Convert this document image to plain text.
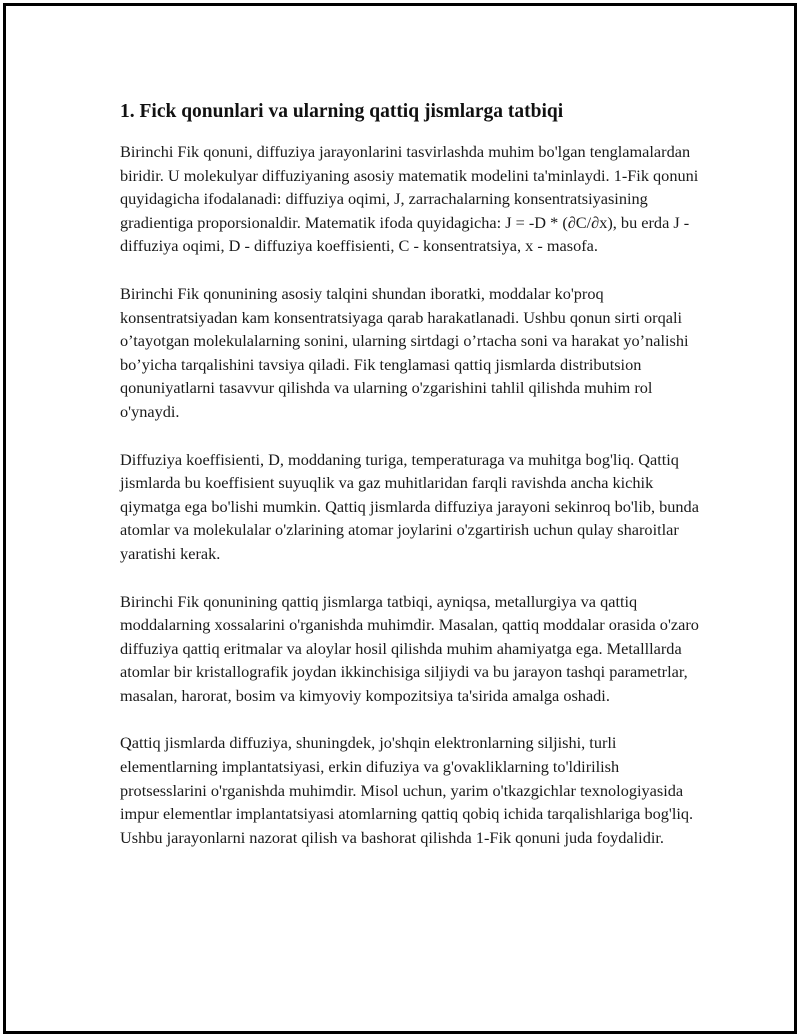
1. Fick qonunlari va ularning qattiq jismlarga tatbiqi

Birinchi Fik qonuni, diffuziya jarayonlarini tasvirlashda muhim bo'lgan tenglamalardan biridir. U molekulyar diffuziyaning asosiy matematik modelini ta'minlaydi. 1-Fik qonuni quyidagicha ifodalanadi: diffuziya oqimi, J, zarrachalarning konsentratsiyasining gradientiga proporsionaldir. Matematik ifoda quyidagicha: J = -D * (∂C/∂x), bu erda J - diffuziya oqimi, D - diffuziya koeffisienti, C - konsentratsiya, x - masofa.

Birinchi Fik qonunining asosiy talqini shundan iboratki, moddalar ko'proq konsentratsiyadan kam konsentratsiyaga qarab harakatlanadi. Ushbu qonun sirti orqali o’tayotgan molekulalarning sonini, ularning sirtdagi o’rtacha soni va harakat yo’nalishi bo’yicha tarqalishini tavsiya qiladi. Fik tenglamasi qattiq jismlarda distributsion qonuniyatlarni tasavvur qilishda va ularning o'zgarishini tahlil qilishda muhim rol o'ynaydi.

Diffuziya koeffisienti, D, moddaning turiga, temperaturaga va muhitga bog'liq. Qattiq jismlarda bu koeffisient suyuqlik va gaz muhitlaridan farqli ravishda ancha kichik qiymatga ega bo'lishi mumkin. Qattiq jismlarda diffuziya jarayoni sekinroq bo'lib, bunda atomlar va molekulalar o'zlarining atomar joylarini o'zgartirish uchun qulay sharoitlar yaratishi kerak.

Birinchi Fik qonunining qattiq jismlarga tatbiqi, ayniqsa, metallurgiya va qattiq moddalarning xossalarini o'rganishda muhimdir. Masalan, qattiq moddalar orasida o'zaro diffuziya qattiq eritmalar va aloylar hosil qilishda muhim ahamiyatga ega. Metalllarda atomlar bir kristallografik joydan ikkinchisiga siljiydi va bu jarayon tashqi parametrlar, masalan, harorat, bosim va kimyoviy kompozitsiya ta'sirida amalga oshadi.

Qattiq jismlarda diffuziya, shuningdek, jo'shqin elektronlarning siljishi, turli elementlarning implantatsiyasi, erkin difuziya va g'ovakliklarning to'ldirilish protsesslarini o'rganishda muhimdir. Misol uchun, yarim o'tkazgichlar texnologiyasida impur elementlar implantatsiyasi atomlarning qattiq qobiq ichida tarqalishlariga bog'liq. Ushbu jarayonlarni nazorat qilish va bashorat qilishda 1-Fik qonuni juda foydalidir.
